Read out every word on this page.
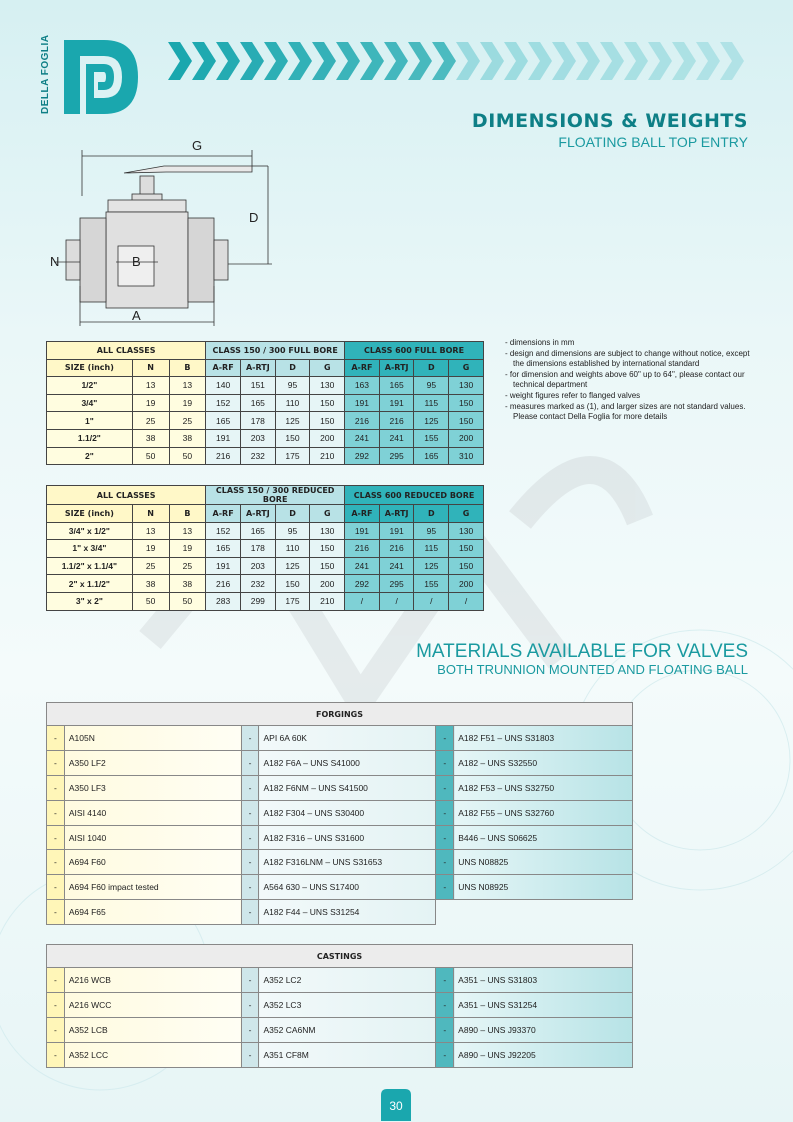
DELLA FOGLIA
DIMENSIONS & WEIGHTS
FLOATING BALL TOP ENTRY
G
D
N	B
A
- dimensions in mm
- design and dimensions are subject to change without notice, except the dimensions established by international standard
- for dimension and weights above 60" up to 64", please contact our technical department
- weight figures refer to flanged valves
- measures marked as (1), and larger sizes are not standard values. Please contact Della Foglia for more details
ALL CLASSES			CLASS 150 / 300 FULL BORE				CLASS 600 FULL BORE			
SIZE (inch)	N	B	A-RF	A-RTJ	D	G	A-RF	A-RTJ	D	G
1/2"	13	13	140	151	95	130	163	165	95	130
3/4"	19	19	152	165	110	150	191	191	115	150
1"	25	25	165	178	125	150	216	216	125	150
1.1/2"	38	38	191	203	150	200	241	241	155	200
2"	50	50	216	232	175	210	292	295	165	310
ALL CLASSES			CLASS 150 / 300 REDUCED BORE				CLASS 600 REDUCED BORE			
SIZE (inch)	N	B	A-RF	A-RTJ	D	G	A-RF	A-RTJ	D	G
3/4" x 1/2"	13	13	152	165	95	130	191	191	95	130
1" x 3/4"	19	19	165	178	110	150	216	216	115	150
1.1/2" x 1.1/4"	25	25	191	203	125	150	241	241	125	150
2" x 1.1/2"	38	38	216	232	150	200	292	295	155	200
3" x 2"	50	50	283	299	175	210	/	/	/	/
MATERIALS AVAILABLE FOR VALVES
BOTH TRUNNION MOUNTED AND FLOATING BALL
FORGINGS					
-	A105N	-	API 6A 60K	-	A182 F51 – UNS S31803
-	A350 LF2	-	A182 F6A – UNS S41000	-	A182 – UNS S32550
-	A350 LF3	-	A182 F6NM – UNS S41500	-	A182 F53 – UNS S32750
-	AISI 4140	-	A182 F304 – UNS S30400	-	A182 F55 – UNS S32760
-	AISI 1040	-	A182 F316 – UNS S31600	-	B446 – UNS S06625
-	A694 F60	-	A182 F316LNM – UNS S31653	-	UNS N08825
-	A694 F60 impact tested	-	A564 630 – UNS S17400	-	UNS N08925
-	A694 F65	-	A182 F44 – UNS S31254		
CASTINGS					
-	A216 WCB	-	A352 LC2	-	A351 – UNS S31803
-	A216 WCC	-	A352 LC3	-	A351 – UNS S31254
-	A352 LCB	-	A352 CA6NM	-	A890 – UNS J93370
-	A352 LCC	-	A351 CF8M	-	A890 – UNS J92205
30
